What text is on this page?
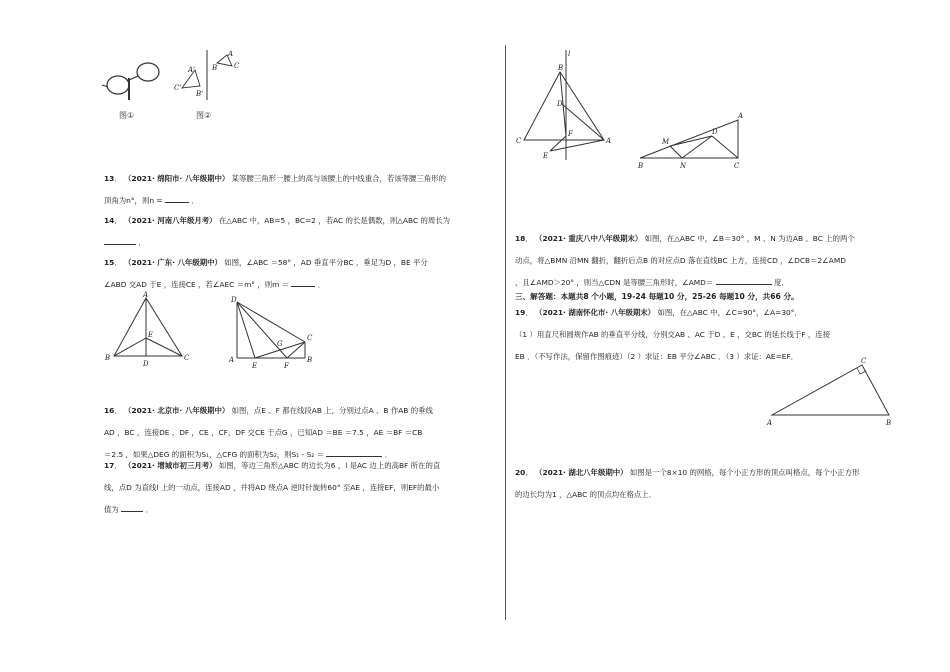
图①
A
A'	C
C'
B
B'
图②
13． （2021· 绵阳市· 八年级期中） 某等腰三角形一腰上的高与该腰上的中线重合，若该等腰三角形的
顶角为n°，则n =	．
14． （2021· 河南八年级月考） 在△ABC 中，AB=5 ，BC=2 ，若AC 的长是偶数，则△ABC 的周长为
．
15． （2021· 广东· 八年级期中） 如图，∠ABC ＝58° ，AD 垂直平分BC ，垂足为D ，BE 平分
∠ABD 交AD 于E ，连接CE ，若∠AEC ＝m° ，则m ＝	．
A
E
B
D
C
D
C
G
B
A
E	F
16． （2021· 北京市· 八年级期中） 如图，点E 、F 都在线段AB 上，分别过点A 、B 作AB 的垂线
AD ，BC ，连接DE ，DF ，CE ，CF，DF 交CE 于点G ，已知AD ＝BE ＝7.5 ，AE ＝BF ＝CB
＝2.5 ，如果△DEG 的面积为S₁，△CFG 的面积为S₂，则S₁ - S₂ ＝	．
17． （2021· 增城市初三月考） 如图，等边三角形△ABC 的边长为6 ，l 是AC 边上的高BF 所在的直
线，点D 为直线l 上的一动点，连接AD ，并将AD 绕点A 逆时针旋转60° 至AE ，连接EF，则EF的最小
值为	．
l
B
D
F
C	A
E
A
D
M
B	N	C
18． （2021· 重庆八中八年级期末） 如图，在△ABC 中，∠B＝30° ，M 、N 为边AB 、BC 上的两个
动点，将△BMN 沿MN 翻折，翻折后点B 的对应点D 落在直线BC 上方，连接CD ，∠DCB＝2∠AMD
，且∠AMD＞20° ，则当△CDN 是等腰三角形时，∠AMD＝	度．
三、解答题：本题共8 个小题，19-24 每题10 分，25-26 每题10 分，共66 分。
19． （2021· 湖南怀化市· 八年级期末） 如图，在△ABC 中，∠C=90°，∠A=30°．
（1 ）用直尺和圆规作AB 的垂直平分线，分别交AB 、AC 于D 、E ，交BC 的延长线于F ，连接
EB ．（不写作法，保留作图痕迹）（2 ）求证：EB 平分∠ABC ．（3 ）求证：AE=EF．	C
A	B
20． （2021· 湖北八年级期中） 如图是一个8×10 的网格，每个小正方形的顶点叫格点，每个小正方形
的边长均为1 ，△ABC 的顶点均在格点上．
